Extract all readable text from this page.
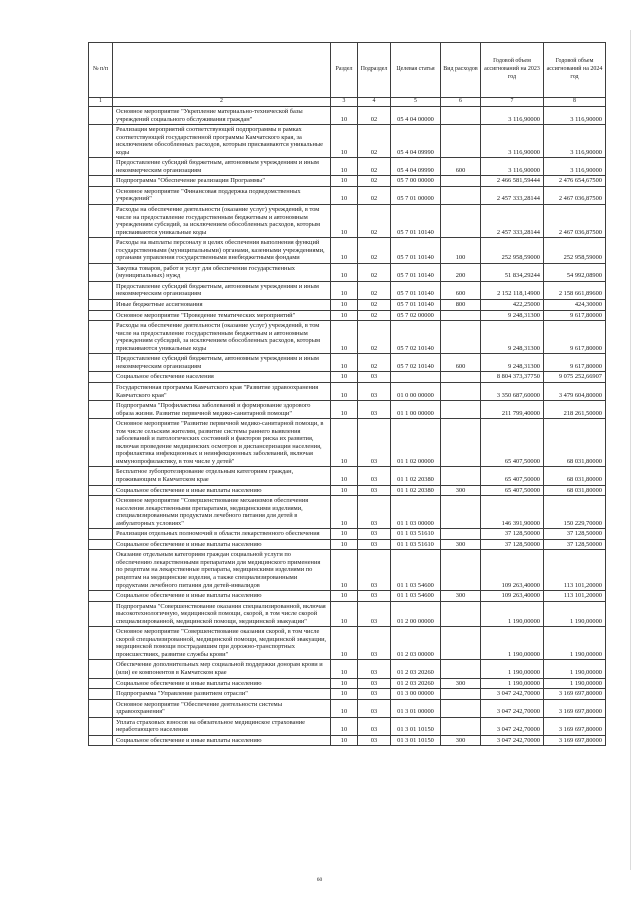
№ п/п		Раздел	Подраздел	Целевая статья	Вид расходов	Годовой объем ассигнований на 2023 год	Годовой объем ассигнований на 2024 год
1	2	3	4	5	6	7	8
	Основное мероприятие "Укрепление материально-технической базы учреждений социального обслуживания граждан"	10	02	05 4 04 00000		3 116,90000	3 116,90000
	Реализация мероприятий соответствующей подпрограммы в рамках соответствующей государственной программы Камчатского края, за исключением обособленных расходов, которым присваиваются уникальные коды	10	02	05 4 04 09990		3 116,90000	3 116,90000
	Предоставление субсидий бюджетным, автономным учреждениям и иным некоммерческим организациям	10	02	05 4 04 09990	600	3 116,90000	3 116,90000
	Подпрограмма "Обеспечение реализации Программы"	10	02	05 7 00 00000		2 466 581,59444	2 476 654,67500
	Основное мероприятие "Финансовая поддержка подведомственных учреждений"	10	02	05 7 01 00000		2 457 333,28144	2 467 036,87500
	Расходы на обеспечение деятельности (оказание услуг) учреждений, в том числе на предоставление государственным бюджетным и автономным учреждениям субсидий, за исключением обособленных расходов, которым присваиваются уникальные коды	10	02	05 7 01 10140		2 457 333,28144	2 467 036,87500
	Расходы на выплаты персоналу в целях обеспечения выполнения функций государственными (муниципальными) органами, казенными учреждениями, органами управления государственными внебюджетными фондами	10	02	05 7 01 10140	100	252 958,59000	252 958,59000
	Закупка товаров, работ и услуг для обеспечения государственных (муниципальных) нужд	10	02	05 7 01 10140	200	51 834,29244	54 992,08900
	Предоставление субсидий бюджетным, автономным учреждениям и иным некоммерческим организациям	10	02	05 7 01 10140	600	2 152 118,14900	2 158 661,89600
	Иные бюджетные ассигнования	10	02	05 7 01 10140	800	422,25000	424,30000
	Основное мероприятие "Проведение тематических мероприятий"	10	02	05 7 02 00000		9 248,31300	9 617,80000
	Расходы на обеспечение деятельности (оказание услуг) учреждений, в том числе на предоставление государственным бюджетным и автономным учреждениям субсидий, за исключением обособленных расходов, которым присваиваются уникальные коды	10	02	05 7 02 10140		9 248,31300	9 617,80000
	Предоставление субсидий бюджетным, автономным учреждениям и иным некоммерческим организациям	10	02	05 7 02 10140	600	9 248,31300	9 617,80000
	Социальное обеспечение населения	10	03			8 804 373,37750	9 075 252,66907
	Государственная программа Камчатского края "Развитие здравоохранения Камчатского края"	10	03	01 0 00 00000		3 350 687,60000	3 479 604,80000
	Подпрограмма "Профилактика заболеваний и формирование здорового образа жизни. Развитие первичной медико-санитарной помощи"	10	03	01 1 00 00000		211 799,40000	218 261,50000
	Основное мероприятие "Развитие первичной медико-санитарной помощи, в том числе сельским жителям, развитие системы раннего выявления заболеваний и патологических состояний и факторов риска их развития, включая проведение медицинских осмотров и диспансеризации населения, профилактика инфекционных и неинфекционных заболеваний, включая иммунопрофилактику, в том числе у детей"	10	03	01 1 02 00000		65 407,50000	68 031,80000
	Бесплатное зубопротезирование отдельным категориям граждан, проживающим в Камчатском крае	10	03	01 1 02 20380		65 407,50000	68 031,80000
	Социальное обеспечение и иные выплаты населению	10	03	01 1 02 20380	300	65 407,50000	68 031,80000
	Основное мероприятие "Совершенствование механизмов обеспечения населения лекарственными препаратами, медицинскими изделиями, специализированными продуктами лечебного питания для детей в амбулаторных условиях"	10	03	01 1 03 00000		146 391,90000	150 229,70000
	Реализация отдельных полномочий в области лекарственного обеспечения	10	03	01 1 03 51610		37 128,50000	37 128,50000
	Социальное обеспечение и иные выплаты населению	10	03	01 1 03 51610	300	37 128,50000	37 128,50000
	Оказание отдельным категориям граждан социальной услуги по обеспечению лекарственными препаратами для медицинского применения по рецептам на лекарственные препараты, медицинскими изделиями по рецептам на медицинские изделия, а также специализированными продуктами лечебного питания для детей-инвалидов	10	03	01 1 03 54600		109 263,40000	113 101,20000
	Социальное обеспечение и иные выплаты населению	10	03	01 1 03 54600	300	109 263,40000	113 101,20000
	Подпрограмма "Совершенствование оказания специализированной, включая высокотехнологичную, медицинской помощи, скорой, в том числе скорой специализированной, медицинской помощи, медицинской эвакуации"	10	03	01 2 00 00000		1 190,00000	1 190,00000
	Основное мероприятие "Совершенствование оказания скорой, в том числе скорой специализированной, медицинской помощи, медицинской эвакуации, медицинской помощи пострадавшим при дорожно-транспортных происшествиях, развитие службы крови"	10	03	01 2 03 00000		1 190,00000	1 190,00000
	Обеспечение дополнительных мер социальной поддержки донорам крови и (или) ее компонентов в Камчатском крае	10	03	01 2 03 20260		1 190,00000	1 190,00000
	Социальное обеспечение и иные выплаты населению	10	03	01 2 03 20260	300	1 190,00000	1 190,00000
	Подпрограмма "Управление развитием отрасли"	10	03	01 3 00 00000		3 047 242,70000	3 169 697,80000
	Основное мероприятие "Обеспечение деятельности системы здравоохранения"	10	03	01 3 01 00000		3 047 242,70000	3 169 697,80000
	Уплата страховых взносов на обязательное медицинское страхование неработающего населения	10	03	01 3 01 10150		3 047 242,70000	3 169 697,80000
	Социальное обеспечение и иные выплаты населению	10	03	01 3 01 10150	300	3 047 242,70000	3 169 697,80000
60
